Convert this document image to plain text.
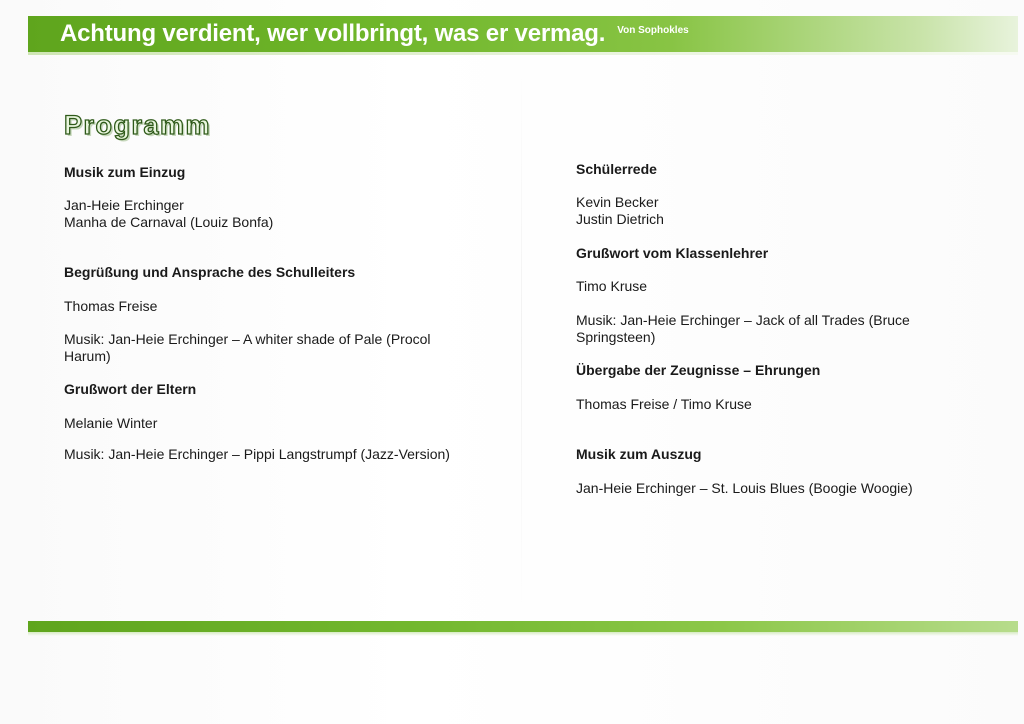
Achtung verdient, wer vollbringt, was er vermag. Von Sophokles
Programm
Musik zum Einzug
Jan-Heie Erchinger
Manha de Carnaval (Louiz Bonfa)
Begrüßung und Ansprache des Schulleiters
Thomas Freise
Musik: Jan-Heie Erchinger – A whiter shade of Pale (Procol
Harum)
Grußwort der Eltern
Melanie Winter
Musik: Jan-Heie Erchinger – Pippi Langstrumpf (Jazz-Version)
Schülerrede
Kevin Becker
Justin Dietrich
Grußwort vom Klassenlehrer
Timo Kruse
Musik: Jan-Heie Erchinger – Jack of all Trades (Bruce
Springsteen)
Übergabe der Zeugnisse – Ehrungen
Thomas Freise / Timo Kruse
Musik zum Auszug
Jan-Heie Erchinger – St. Louis Blues (Boogie Woogie)
